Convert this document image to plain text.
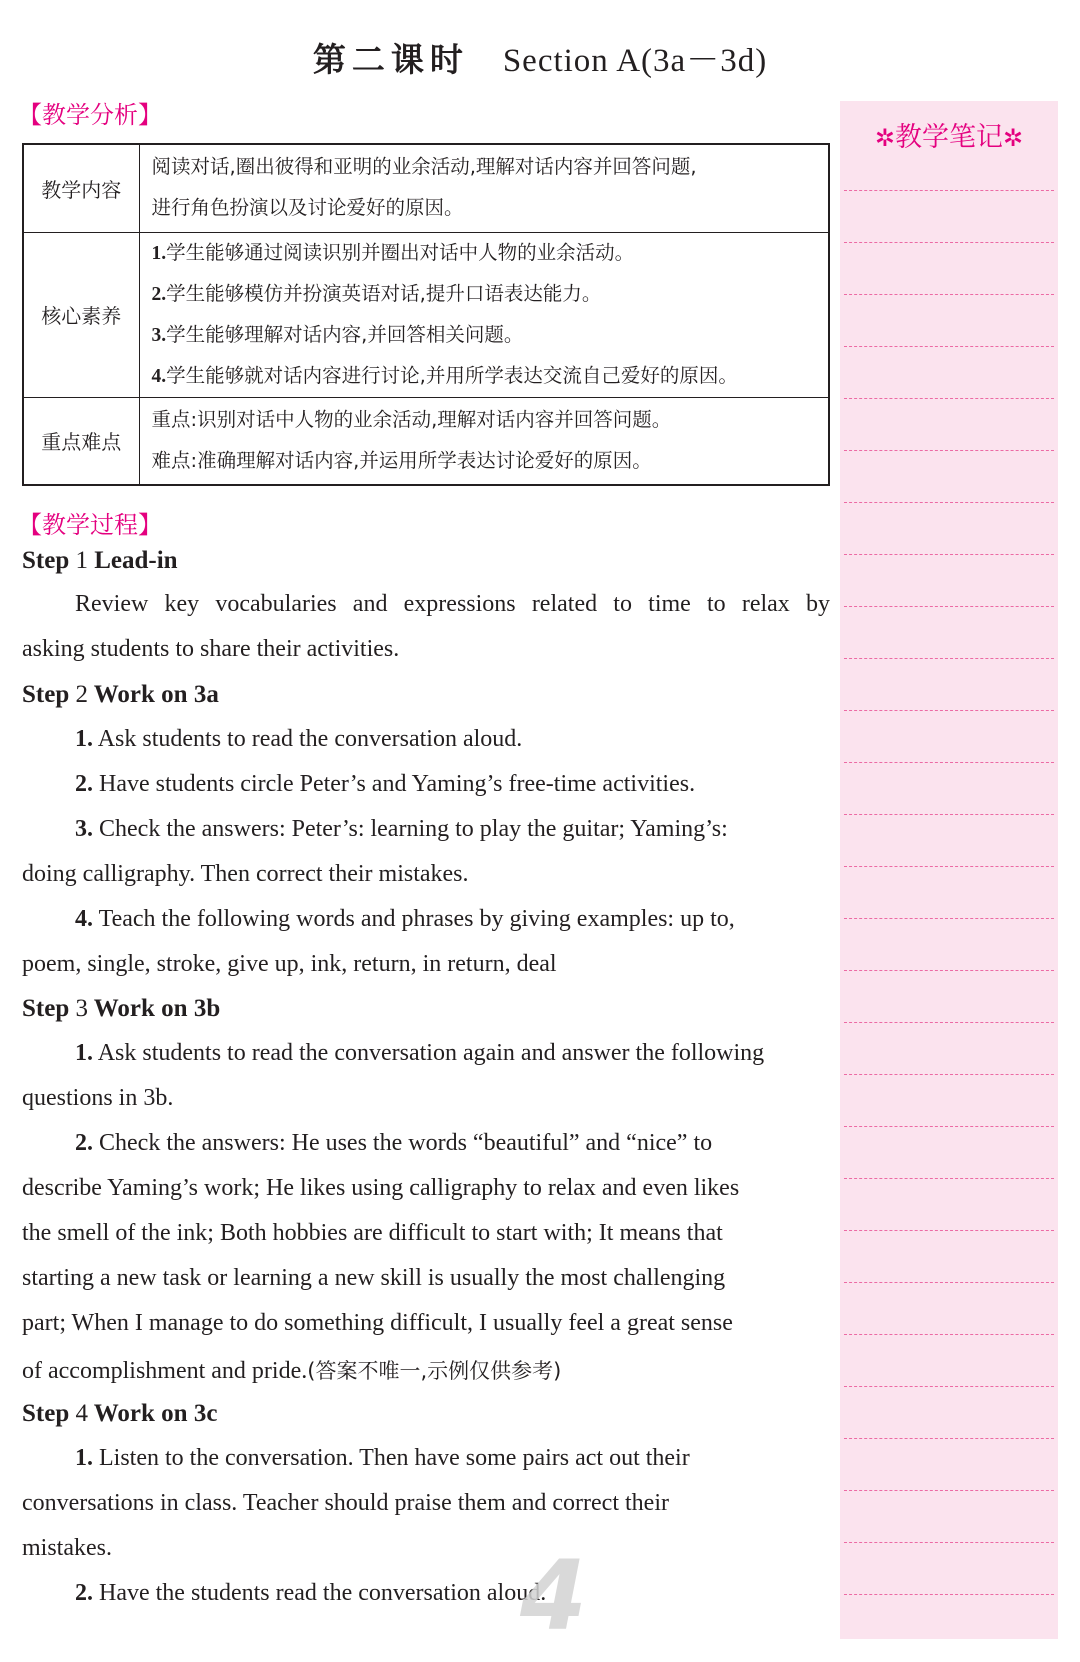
第二课时 Section A(3a－3d)
【教学分析】
教学内容	阅读对话,圈出彼得和亚明的业余活动,理解对话内容并回答问题,
进行角色扮演以及讨论爱好的原因。

核心素养	1.学生能够通过阅读识别并圈出对话中人物的业余活动。
2.学生能够模仿并扮演英语对话,提升口语表达能力。
3.学生能够理解对话内容,并回答相关问题。
4.学生能够就对话内容进行讨论,并用所学表达交流自己爱好的原因。

重点难点	重点:识别对话中人物的业余活动,理解对话内容并回答问题。
难点:准确理解对话内容,并运用所学表达讨论爱好的原因。
【教学过程】
Step 1 Lead-in
Review key vocabularies and expressions related to time to relax by
asking students to share their activities.
Step 2 Work on 3a
1. Ask students to read the conversation aloud.
2. Have students circle Peter’s and Yaming’s free-time activities.
3. Check the answers: Peter’s: learning to play the guitar; Yaming’s:
doing calligraphy. Then correct their mistakes.
4. Teach the following words and phrases by giving examples: up to,
poem, single, stroke, give up, ink, return, in return, deal
Step 3 Work on 3b
1. Ask students to read the conversation again and answer the following
questions in 3b.
2. Check the answers: He uses the words “beautiful” and “nice” to
describe Yaming’s work; He likes using calligraphy to relax and even likes
the smell of the ink; Both hobbies are difficult to start with; It means that
starting a new task or learning a new skill is usually the most challenging
part; When I manage to do something difficult, I usually feel a great sense
of accomplishment and pride.(答案不唯一,示例仅供参考)
Step 4 Work on 3c
1. Listen to the conversation. Then have some pairs act out their
conversations in class. Teacher should praise them and correct their
mistakes.
2. Have the students read the conversation aloud.
✲教学笔记✲
4
